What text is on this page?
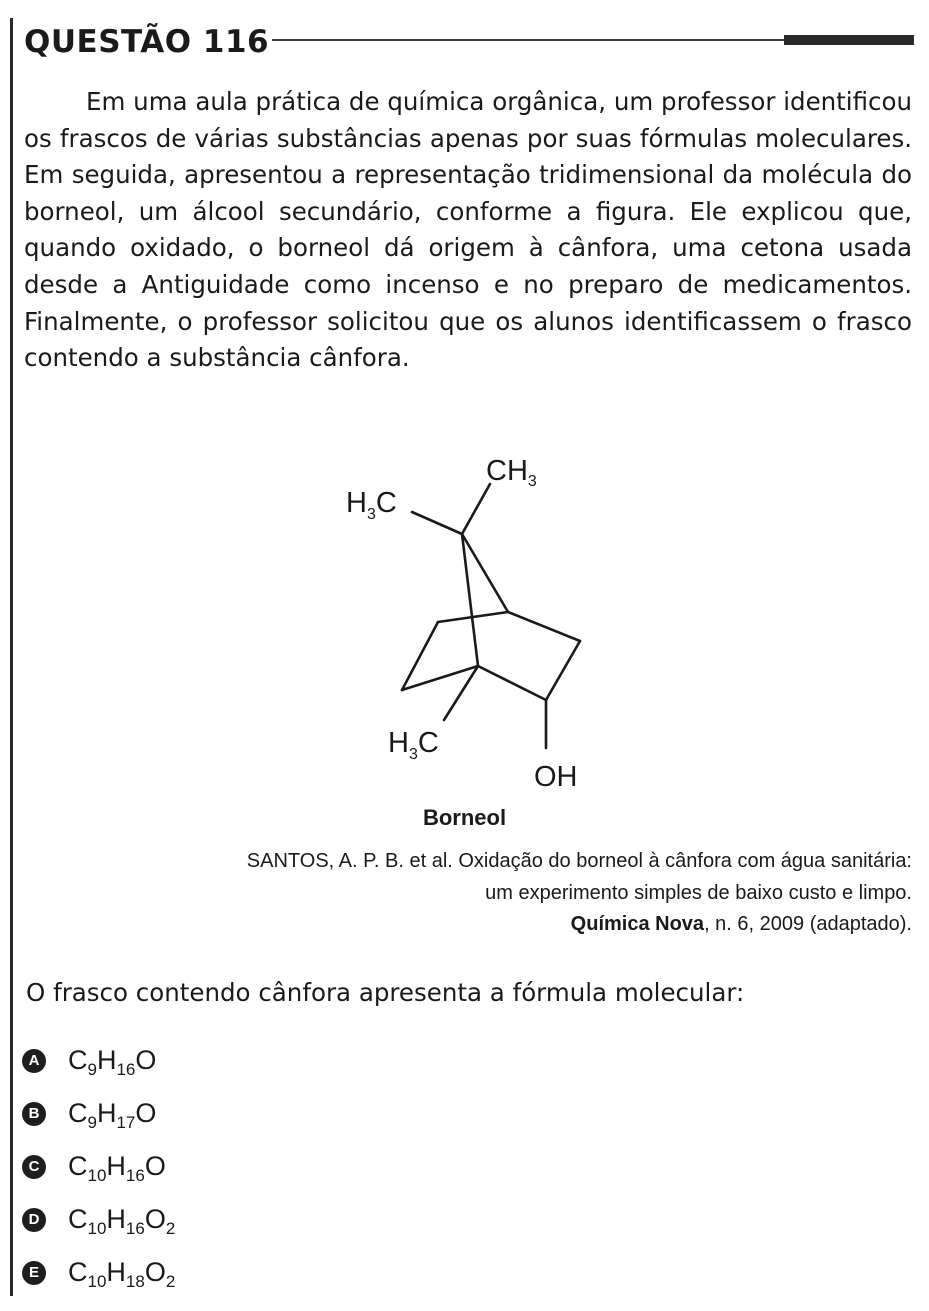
QUESTÃO 116

Em uma aula prática de química orgânica, um professor identificou os frascos de várias substâncias apenas por suas fórmulas moleculares. Em seguida, apresentou a representação tridimensional da molécula do borneol, um álcool secundário, conforme a figura. Ele explicou que, quando oxidado, o borneol dá origem à cânfora, uma cetona usada desde a Antiguidade como incenso e no preparo de medicamentos. Finalmente, o professor solicitou que os alunos identificassem o frasco contendo a substância cânfora.

$CH_3$
$H_3C$
$H_3C$
OH
Borneol
SANTOS, A. P. B. et al. Oxidação do borneol à cânfora com água sanitária:
um experimento simples de baixo custo e limpo.
Química Nova, n. 6, 2009 (adaptado).
O frasco contendo cânfora apresenta a fórmula molecular:
A $C_9H_{16}O$
B $C_9H_{17}O$
C $C_{10}H_{16}O$
D $C_{10}H_{16}O_2$
E $C_{10}H_{18}O_2$
